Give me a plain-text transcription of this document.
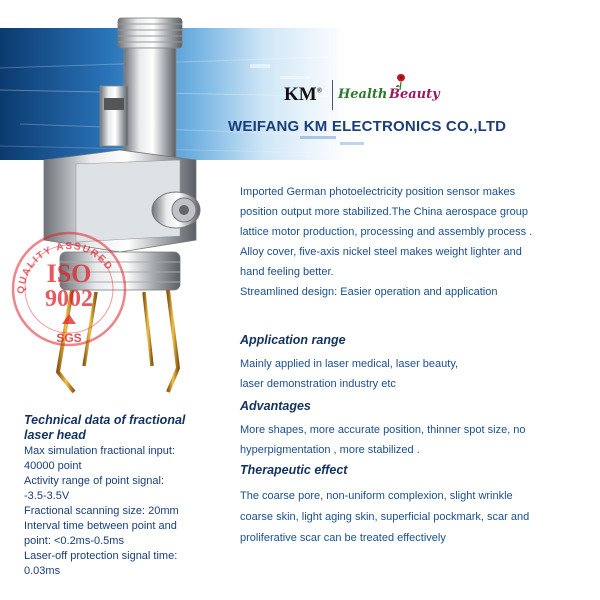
KM® Health Beauty
WEIFANG KM ELECTRONICS CO.,LTD
QUALITY ASSURED
ISO
9002
SGS
Imported German photoelectricity position sensor makes
position output more stabilized.The China aerospace group
lattice motor production, processing and assembly process .
Alloy cover, five-axis nickel steel makes weight lighter and
hand feeling better.
Streamlined design: Easier operation and application
Application range
Mainly applied in laser medical, laser beauty,
laser demonstration industry etc
Advantages
More shapes, more accurate position, thinner spot size, no
hyperpigmentation , more stabilized .
Therapeutic effect
The coarse pore, non-uniform complexion, slight wrinkle
coarse skin, light aging skin, superficial pockmark, scar and
proliferative scar can be treated effectively
Technical data of fractional
laser head
Max simulation fractional input:
40000 point
Activity range of point signal:
-3.5-3.5V
Fractional scanning size: 20mm
Interval time between point and
point: <0.2ms-0.5ms
Laser-off protection signal time:
0.03ms
